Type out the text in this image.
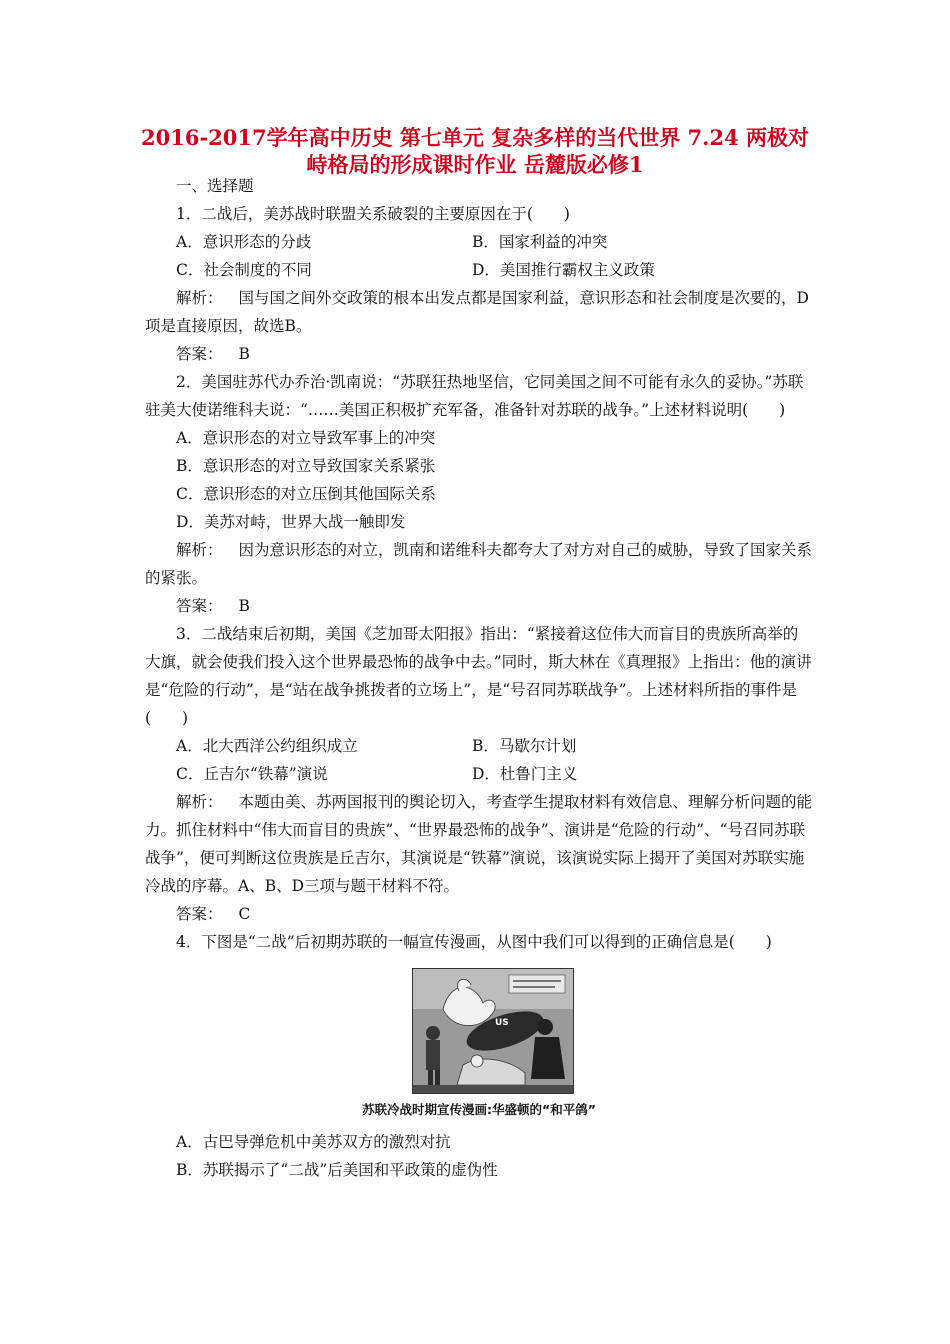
2016-2017学年高中历史 第七单元 复杂多样的当代世界 7.24 两极对峙格局的形成课时作业 岳麓版必修1
一、选择题
1．二战后，美苏战时联盟关系破裂的主要原因在于(　　)
A．意识形态的分歧	B．国家利益的冲突
C．社会制度的不同	D．美国推行霸权主义政策
解析： 国与国之间外交政策的根本出发点都是国家利益，意识形态和社会制度是次要的，D项是直接原因，故选B。
答案： B
2．美国驻苏代办乔治·凯南说：“苏联狂热地坚信，它同美国之间不可能有永久的妥协。”苏联驻美大使诺维科夫说：“……美国正积极扩充军备，准备针对苏联的战争。”上述材料说明(　　)
A．意识形态的对立导致军事上的冲突
B．意识形态的对立导致国家关系紧张
C．意识形态的对立压倒其他国际关系
D．美苏对峙，世界大战一触即发
解析： 因为意识形态的对立，凯南和诺维科夫都夸大了对方对自己的威胁，导致了国家关系的紧张。
答案： B
3．二战结束后初期，美国《芝加哥太阳报》指出：“紧接着这位伟大而盲目的贵族所高举的大旗，就会使我们投入这个世界最恐怖的战争中去。”同时，斯大林在《真理报》上指出：他的演讲是“危险的行动”，是“站在战争挑拨者的立场上”，是“号召同苏联战争”。上述材料所指的事件是(　　)
A．北大西洋公约组织成立	B．马歇尔计划
C．丘吉尔“铁幕”演说	D．杜鲁门主义
解析： 本题由美、苏两国报刊的舆论切入，考查学生提取材料有效信息、理解分析问题的能力。抓住材料中“伟大而盲目的贵族”、“世界最恐怖的战争”、演讲是“危险的行动”、“号召同苏联战争”，便可判断这位贵族是丘吉尔，其演说是“铁幕”演说，该演说实际上揭开了美国对苏联实施冷战的序幕。A、B、D三项与题干材料不符。
答案： C
4．下图是“二战”后初期苏联的一幅宣传漫画，从图中我们可以得到的正确信息是(　　)
US
苏联冷战时期宣传漫画:华盛顿的“和平鸽”
A．古巴导弹危机中美苏双方的激烈对抗
B．苏联揭示了“二战”后美国和平政策的虚伪性
